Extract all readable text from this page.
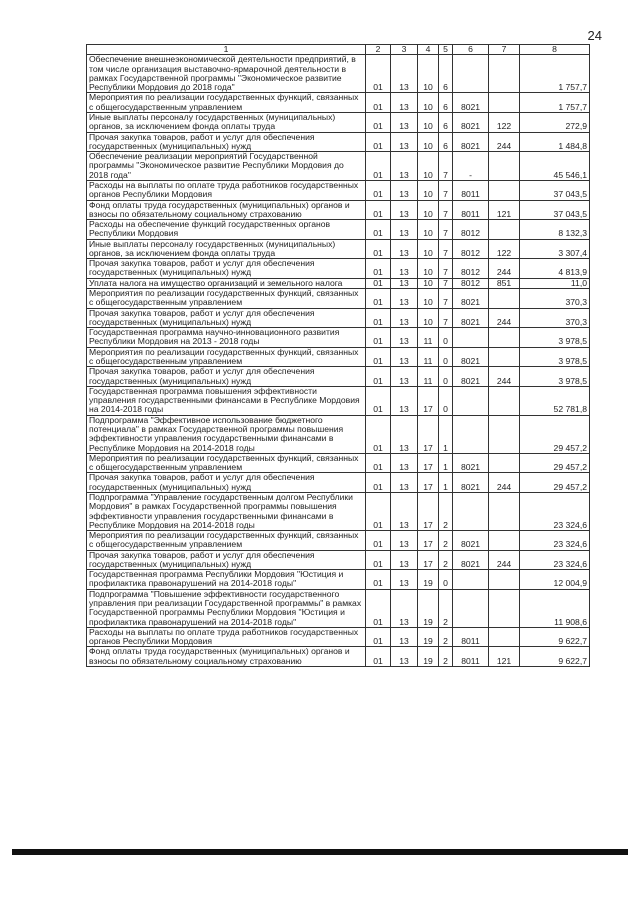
24
1	2	3	4	5	6	7	8
Обеспечение внешнеэкономической деятельности предприятий, в том числе организация выставочно-ярмарочной деятельности в рамках Государственной программы "Экономическое развитие Республики Мордовия до 2018 года"	01	13	10	6			1 757,7
Мероприятия по реализации государственных функций, связанных с общегосударственным управлением	01	13	10	6	8021		1 757,7
Иные выплаты персоналу государственных (муниципальных) органов, за исключением фонда оплаты труда	01	13	10	6	8021	122	272,9
Прочая закупка товаров, работ и услуг для обеспечения государственных (муниципальных) нужд	01	13	10	6	8021	244	1 484,8
Обеспечение реализации мероприятий Государственной программы "Экономическое развитие Республики Мордовия до 2018 года"	01	13	10	7	-		45 546,1
Расходы на выплаты по оплате труда работников государственных органов Республики Мордовия	01	13	10	7	8011		37 043,5
Фонд оплаты труда государственных (муниципальных) органов и взносы по обязательному социальному страхованию	01	13	10	7	8011	121	37 043,5
Расходы на обеспечение функций государственных органов Республики Мордовия	01	13	10	7	8012		8 132,3
Иные выплаты персоналу государственных (муниципальных) органов, за исключением фонда оплаты труда	01	13	10	7	8012	122	3 307,4
Прочая закупка товаров, работ и услуг для обеспечения государственных (муниципальных) нужд	01	13	10	7	8012	244	4 813,9
Уплата налога на имущество организаций и земельного налога	01	13	10	7	8012	851	11,0
Мероприятия по реализации государственных функций, связанных с общегосударственным управлением	01	13	10	7	8021		370,3
Прочая закупка товаров, работ и услуг для обеспечения государственных (муниципальных) нужд	01	13	10	7	8021	244	370,3
Государственная программа научно-инновационного развития Республики Мордовия на 2013 - 2018 годы	01	13	11	0			3 978,5
Мероприятия по реализации государственных функций, связанных с общегосударственным управлением	01	13	11	0	8021		3 978,5
Прочая закупка товаров, работ и услуг для обеспечения государственных (муниципальных) нужд	01	13	11	0	8021	244	3 978,5
Государственная программа повышения эффективности управления государственными финансами в Республике Мордовия на 2014-2018 годы	01	13	17	0			52 781,8
Подпрограмма "Эффективное использование бюджетного потенциала" в рамках Государственной программы повышения эффективности управления государственными финансами в Республике Мордовия на 2014-2018 годы	01	13	17	1			29 457,2
Мероприятия по реализации государственных функций, связанных с общегосударственным управлением	01	13	17	1	8021		29 457,2
Прочая закупка товаров, работ и услуг для обеспечения государственных (муниципальных) нужд	01	13	17	1	8021	244	29 457,2
Подпрограмма "Управление государственным долгом Республики Мордовия" в рамках Государственной программы повышения эффективности управления государственными финансами в Республике Мордовия на 2014-2018 годы	01	13	17	2			23 324,6
Мероприятия по реализации государственных функций, связанных с общегосударственным управлением	01	13	17	2	8021		23 324,6
Прочая закупка товаров, работ и услуг для обеспечения государственных (муниципальных) нужд	01	13	17	2	8021	244	23 324,6
Государственная программа Республики Мордовия "Юстиция и профилактика правонарушений на 2014-2018 годы"	01	13	19	0			12 004,9
Подпрограмма "Повышение эффективности государственного управления при реализации Государственной программы" в рамках Государственной программы Республики Мордовия "Юстиция и профилактика правонарушений на 2014-2018 годы"	01	13	19	2			11 908,6
Расходы на выплаты по оплате труда работников государственных органов Республики Мордовия	01	13	19	2	8011		9 622,7
Фонд оплаты труда государственных (муниципальных) органов и взносы по обязательному социальному страхованию	01	13	19	2	8011	121	9 622,7
